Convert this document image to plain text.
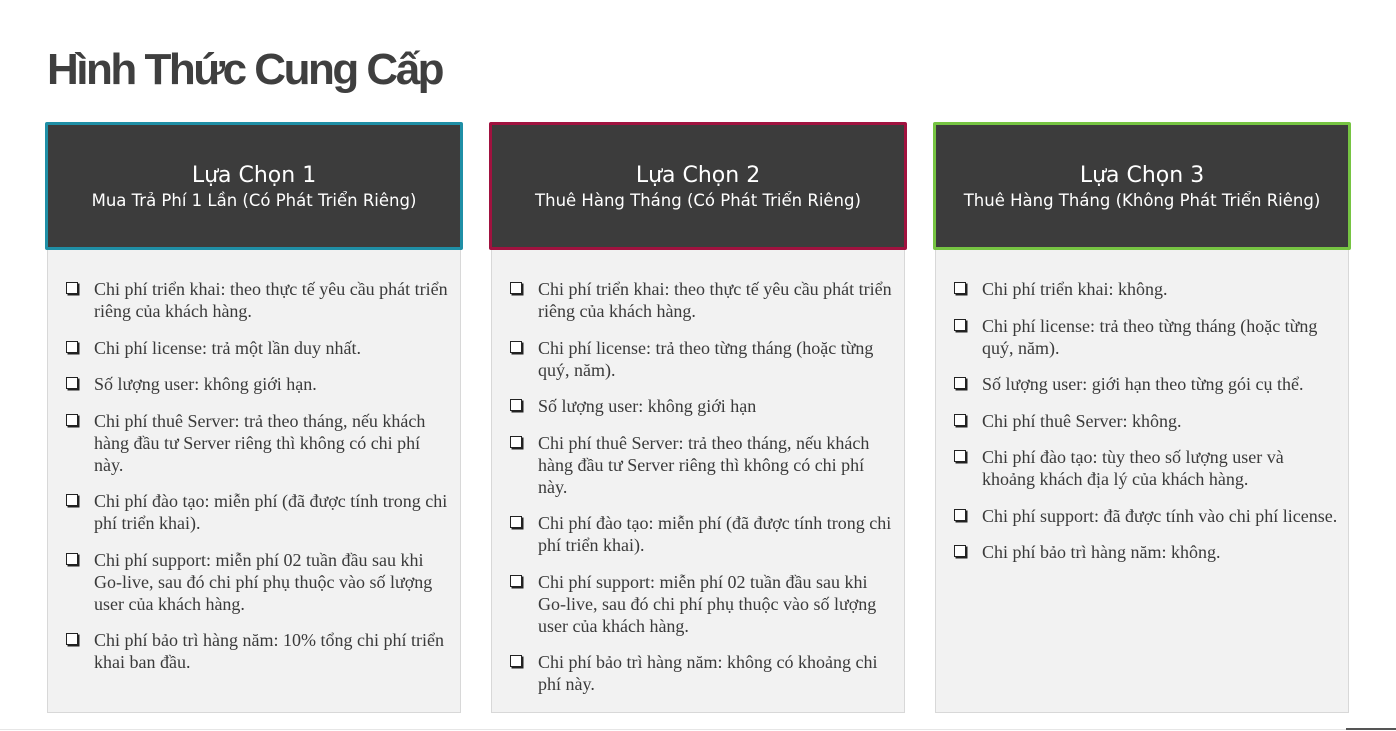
Hình Thức Cung Cấp
Lựa Chọn 1
Mua Trả Phí 1 Lần (Có Phát Triển Riêng)
Chi phí triển khai: theo thực tế yêu cầu phát triển riêng của khách hàng.
Chi phí license: trả một lần duy nhất.
Số lượng user: không giới hạn.
Chi phí thuê Server: trả theo tháng, nếu khách hàng đầu tư Server riêng thì không có chi phí này.
Chi phí đào tạo: miễn phí (đã được tính trong chi phí triển khai).
Chi phí support: miễn phí 02 tuần đầu sau khi Go-live, sau đó chi phí phụ thuộc vào số lượng user của khách hàng.
Chi phí bảo trì hàng năm: 10% tổng chi phí triển khai ban đầu.
Lựa Chọn 2
Thuê Hàng Tháng (Có Phát Triển Riêng)
Chi phí triển khai: theo thực tế yêu cầu phát triển riêng của khách hàng.
Chi phí license: trả theo từng tháng (hoặc từng quý, năm).
Số lượng user: không giới hạn
Chi phí thuê Server: trả theo tháng, nếu khách hàng đầu tư Server riêng thì không có chi phí này.
Chi phí đào tạo: miễn phí (đã được tính trong chi phí triển khai).
Chi phí support: miễn phí 02 tuần đầu sau khi Go-live, sau đó chi phí phụ thuộc vào số lượng user của khách hàng.
Chi phí bảo trì hàng năm: không có khoảng chi phí này.
Lựa Chọn 3
Thuê Hàng Tháng (Không Phát Triển Riêng)
Chi phí triển khai: không.
Chi phí license: trả theo từng tháng (hoặc từng quý, năm).
Số lượng user: giới hạn theo từng gói cụ thể.
Chi phí thuê Server: không.
Chi phí đào tạo: tùy theo số lượng user và khoảng khách địa lý của khách hàng.
Chi phí support: đã được tính vào chi phí license.
Chi phí bảo trì hàng năm: không.
